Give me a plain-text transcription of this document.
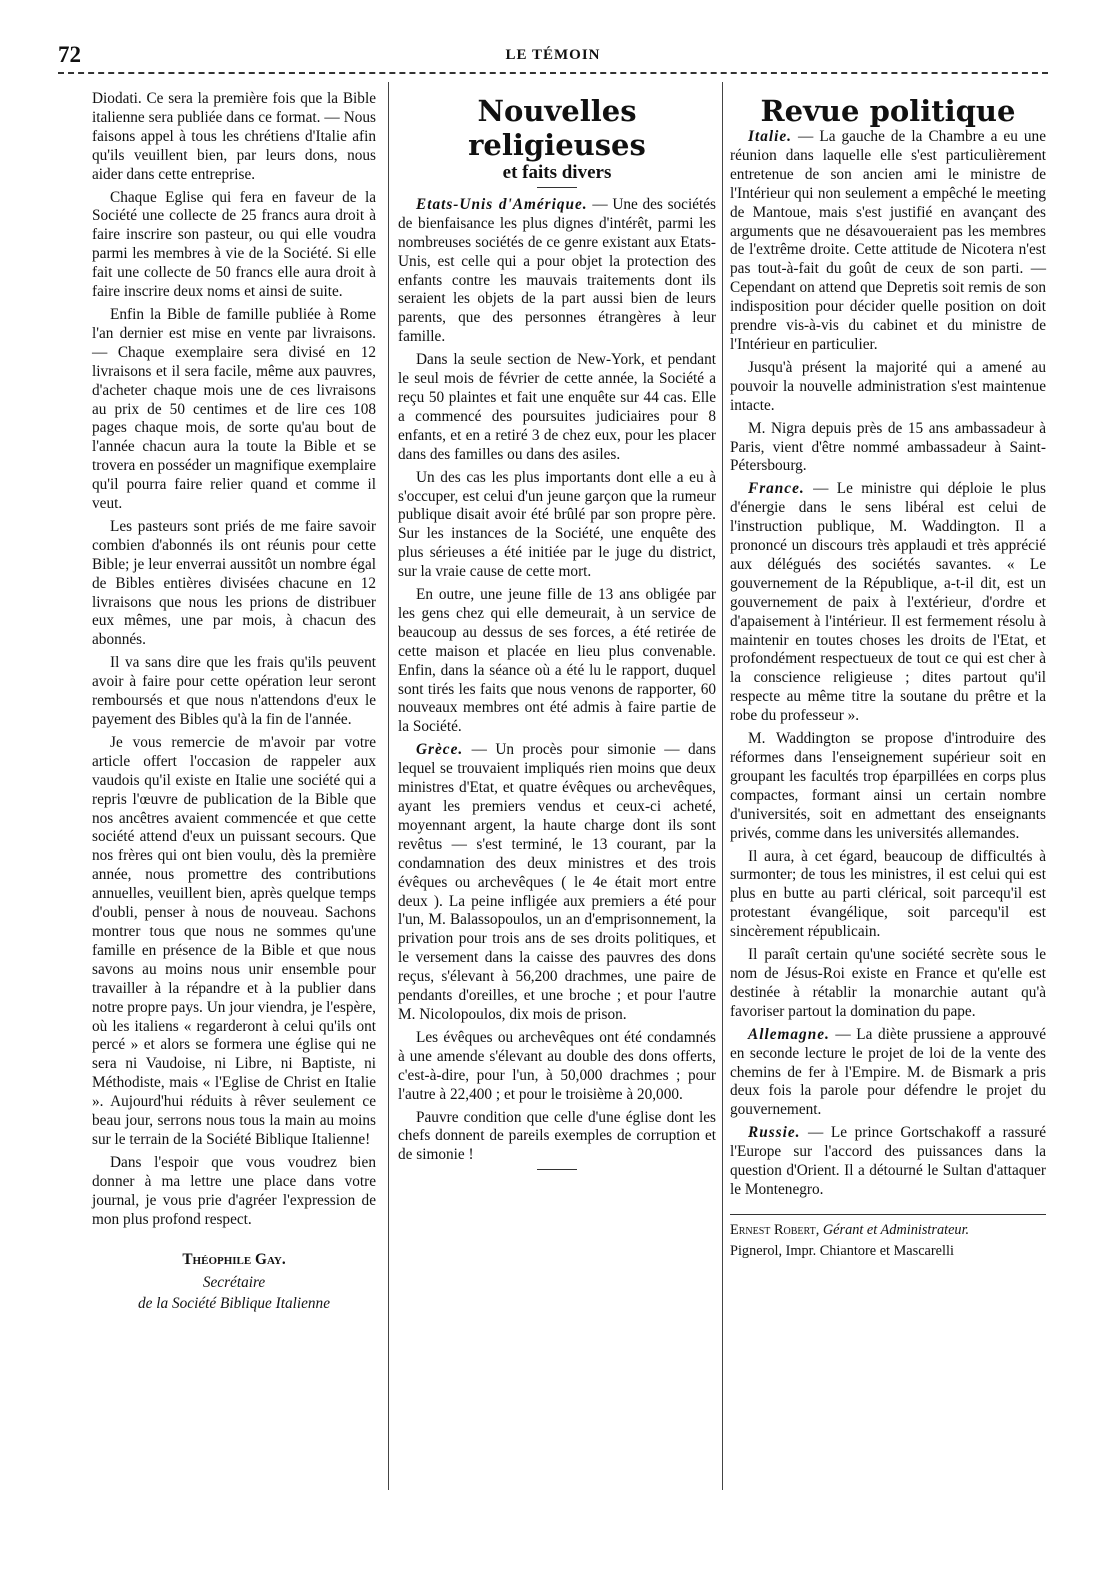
72	LE TÉMOIN

Diodati. Ce sera la première fois que la Bible italienne sera publiée dans ce format. — Nous faisons appel à tous les chrétiens d'Italie afin qu'ils veuillent bien, par leurs dons, nous aider dans cette entreprise.

Chaque Eglise qui fera en faveur de la Société une collecte de 25 francs aura droit à faire inscrire son pasteur, ou qui elle voudra parmi les membres à vie de la Société. Si elle fait une collecte de 50 francs elle aura droit à faire inscrire deux noms et ainsi de suite.

Enfin la Bible de famille publiée à Rome l'an dernier est mise en vente par livraisons. — Chaque exemplaire sera divisé en 12 livraisons et il sera facile, même aux pauvres, d'acheter chaque mois une de ces livraisons au prix de 50 centimes et de lire ces 108 pages chaque mois, de sorte qu'au bout de l'année chacun aura la toute la Bible et se trovera en posséder un magnifique exemplaire qu'il pourra faire relier quand et comme il veut.

Les pasteurs sont priés de me faire savoir combien d'abonnés ils ont réunis pour cette Bible; je leur enverrai aussitôt un nombre égal de Bibles entières divisées chacune en 12 livraisons que nous les prions de distribuer eux mêmes, une par mois, à chacun des abonnés.

Il va sans dire que les frais qu'ils peuvent avoir à faire pour cette opération leur seront remboursés et que nous n'attendons d'eux le payement des Bibles qu'à la fin de l'année.

Je vous remercie de m'avoir par votre article offert l'occasion de rappeler aux vaudois qu'il existe en Italie une société qui a repris l'œuvre de publication de la Bible que nos ancêtres avaient commencée et que cette société attend d'eux un puissant secours. Que nos frères qui ont bien voulu, dès la première année, nous promettre des contributions annuelles, veuillent bien, après quelque temps d'oubli, penser à nous de nouveau. Sachons montrer tous que nous ne sommes qu'une famille en présence de la Bible et que nous savons au moins nous unir ensemble pour travailler à la répandre et à la publier dans notre propre pays. Un jour viendra, je l'espère, où les italiens « regarderont à celui qu'ils ont percé » et alors se formera une église qui ne sera ni Vaudoise, ni Libre, ni Baptiste, ni Méthodiste, mais « l'Eglise de Christ en Italie ». Aujourd'hui réduits à rêver seulement ce beau jour, serrons nous tous la main au moins sur le terrain de la Société Biblique Italienne!

Dans l'espoir que vous voudrez bien donner à ma lettre une place dans votre journal, je vous prie d'agréer l'expression de mon plus profond respect.

Théophile Gay.

Secrétaire

de la Société Biblique Italienne

Nouvelles religieuses

et faits divers

Etats-Unis d'Amérique. — Une des sociétés de bienfaisance les plus dignes d'intérêt, parmi les nombreuses sociétés de ce genre existant aux Etats-Unis, est celle qui a pour objet la protection des enfants contre les mauvais traitements dont ils seraient les objets de la part aussi bien de leurs parents, que des personnes étrangères à leur famille.

Dans la seule section de New-York, et pendant le seul mois de février de cette année, la Société a reçu 50 plaintes et fait une enquête sur 44 cas. Elle a commencé des poursuites judiciaires pour 8 enfants, et en a retiré 3 de chez eux, pour les placer dans des familles ou dans des asiles.

Un des cas les plus importants dont elle a eu à s'occuper, est celui d'un jeune garçon que la rumeur publique disait avoir été brûlé par son propre père. Sur les instances de la Société, une enquête des plus sérieuses a été initiée par le juge du district, sur la vraie cause de cette mort.

En outre, une jeune fille de 13 ans obligée par les gens chez qui elle demeurait, à un service de beaucoup au dessus de ses forces, a été retirée de cette maison et placée en lieu plus convenable. Enfin, dans la séance où a été lu le rapport, duquel sont tirés les faits que nous venons de rapporter, 60 nouveaux membres ont été admis à faire partie de la Société.

Grèce. — Un procès pour simonie — dans lequel se trouvaient impliqués rien moins que deux ministres d'Etat, et quatre évêques ou archevêques, ayant les premiers vendus et ceux-ci acheté, moyennant argent, la haute charge dont ils sont revêtus — s'est terminé, le 13 courant, par la condamnation des deux ministres et des trois évêques ou archevêques ( le 4e était mort entre deux ). La peine infligée aux premiers a été pour l'un, M. Balassopoulos, un an d'emprisonnement, la privation pour trois ans de ses droits politiques, et le versement dans la caisse des pauvres des dons reçus, s'élevant à 56,200 drachmes, une paire de pendants d'oreilles, et une broche ; et pour l'autre M. Nicolopoulos, dix mois de prison.

Les évêques ou archevêques ont été condamnés à une amende s'élevant au double des dons offerts, c'est-à-dire, pour l'un, à 50,000 drachmes ; pour l'autre à 22,400 ; et pour le troisième à 20,000.

Pauvre condition que celle d'une église dont les chefs donnent de pareils exemples de corruption et de simonie !

Revue politique

Italie. — La gauche de la Chambre a eu une réunion dans laquelle elle s'est particulièrement entretenue de son ancien ami le ministre de l'Intérieur qui non seulement a empêché le meeting de Mantoue, mais s'est justifié en avançant des arguments que ne désavoueraient pas les membres de l'extrême droite. Cette attitude de Nicotera n'est pas tout-à-fait du goût de ceux de son parti. — Cependant on attend que Depretis soit remis de son indisposition pour décider quelle position on doit prendre vis-à-vis du cabinet et du ministre de l'Intérieur en particulier.

Jusqu'à présent la majorité qui a amené au pouvoir la nouvelle administration s'est maintenue intacte.

M. Nigra depuis près de 15 ans ambassadeur à Paris, vient d'être nommé ambassadeur à Saint-Pétersbourg.

France. — Le ministre qui déploie le plus d'énergie dans le sens libéral est celui de l'instruction publique, M. Waddington. Il a prononcé un discours très applaudi et très apprécié aux délégués des sociétés savantes. « Le gouvernement de la République, a-t-il dit, est un gouvernement de paix à l'extérieur, d'ordre et d'apaisement à l'intérieur. Il est fermement résolu à maintenir en toutes choses les droits de l'Etat, et profondément respectueux de tout ce qui est cher à la conscience religieuse ; dites partout qu'il respecte au même titre la soutane du prêtre et la robe du professeur ».

M. Waddington se propose d'introduire des réformes dans l'enseignement supérieur soit en groupant les facultés trop éparpillées en corps plus compactes, formant ainsi un certain nombre d'universités, soit en admettant des enseignants privés, comme dans les universités allemandes.

Il aura, à cet égard, beaucoup de difficultés à surmonter; de tous les ministres, il est celui qui est plus en butte au parti clérical, soit parcequ'il est protestant évangélique, soit parcequ'il est sincèrement républicain.

Il paraît certain qu'une société secrète sous le nom de Jésus-Roi existe en France et qu'elle est destinée à rétablir la monarchie autant qu'à favoriser partout la domination du pape.

Allemagne. — La diète prussiene a approuvé en seconde lecture le projet de loi de la vente des chemins de fer à l'Empire. M. de Bismark a pris deux fois la parole pour défendre le projet du gouvernement.

Russie. — Le prince Gortschakoff a rassuré l'Europe sur l'accord des puissances dans la question d'Orient. Il a détourné le Sultan d'attaquer le Montenegro.

Ernest Robert, Gérant et Administrateur.

Pignerol, Impr. Chiantore et Mascarelli
